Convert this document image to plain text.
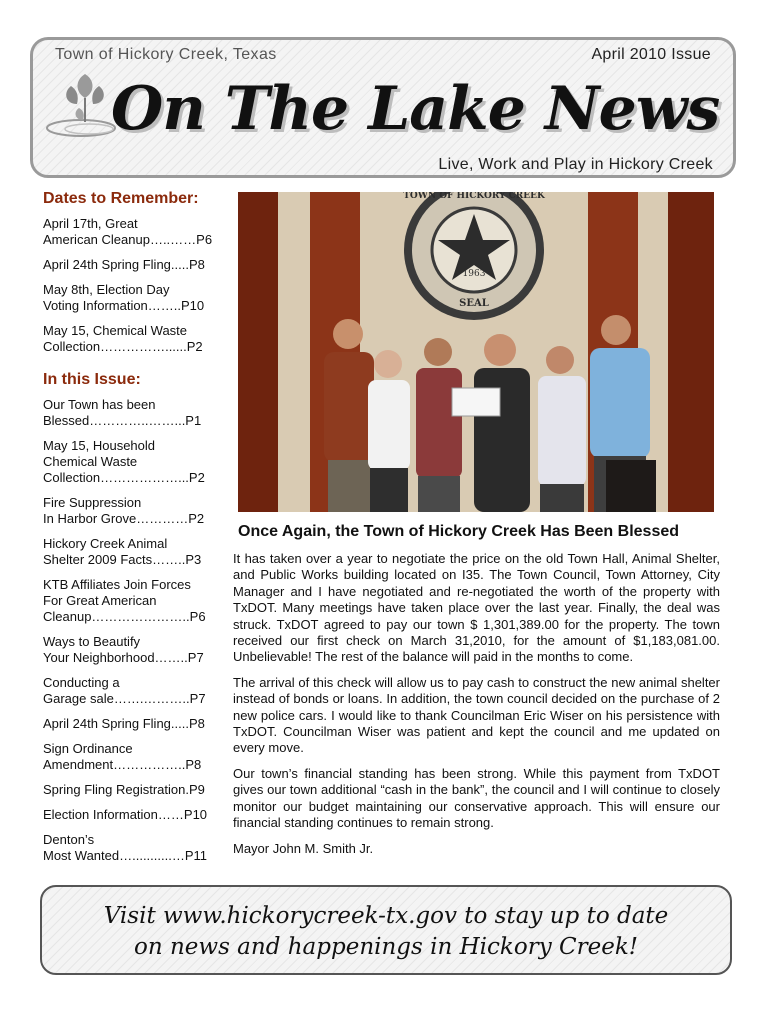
Town of Hickory Creek, Texas	April 2010 Issue
On The Lake News
Live, Work and Play in Hickory Creek
Dates to Remember:
April 17th, Great
American Cleanup…..……P6
April 24th Spring Fling.....P8
May 8th, Election Day
Voting Information……..P10
May 15, Chemical Waste
Collection……………......P2
In this Issue:
Our Town has been
Blessed…………..……...P1
May 15, Household
Chemical Waste
Collection………………...P2
Fire Suppression
In Harbor Grove…………P2
Hickory Creek Animal
Shelter 2009 Facts……..P3
KTB Affiliates Join Forces
For Great American
Cleanup…………………..P6
Ways to Beautify
Your Neighborhood……..P7
Conducting a
Garage sale…….………..P7
April 24th Spring Fling.....P8
Sign Ordinance
Amendment……………..P8
Spring Fling Registration.P9
Election Information……P10
Denton’s
Most Wanted…...........…P11
1963
SEAL
TOWN OF HICKORY CREEK
Once Again, the Town of Hickory Creek Has Been Blessed

It has taken over a year to negotiate the price on the old Town Hall, Animal Shelter, and Public Works building located on I35. The Town Council, Town Attorney, City Manager and I have negotiated and re-negotiated the worth of the property with TxDOT. Many meetings have taken place over the last year. Finally, the deal was struck. TxDOT agreed to pay our town $ 1,301,389.00 for the property. The town received our first check on March 31,2010, for the amount of $1,183,081.00. Unbelievable! The rest of the balance will paid in the months to come.

The arrival of this check will allow us to pay cash to construct the new animal shelter instead of bonds or loans. In addition, the town council decided on the purchase of 2 new police cars. I would like to thank Councilman Eric Wiser on his persistence with TxDOT. Councilman Wiser was patient and kept the council and me updated on every move.

Our town’s financial standing has been strong. While this payment from TxDOT gives our town additional “cash in the bank”, the council and I will continue to closely monitor our budget maintaining our conservative approach. This will ensure our financial standing continues to remain strong.

Mayor John M. Smith Jr.

Visit www.hickorycreek-tx.gov to stay up to date
on news and happenings in Hickory Creek!
